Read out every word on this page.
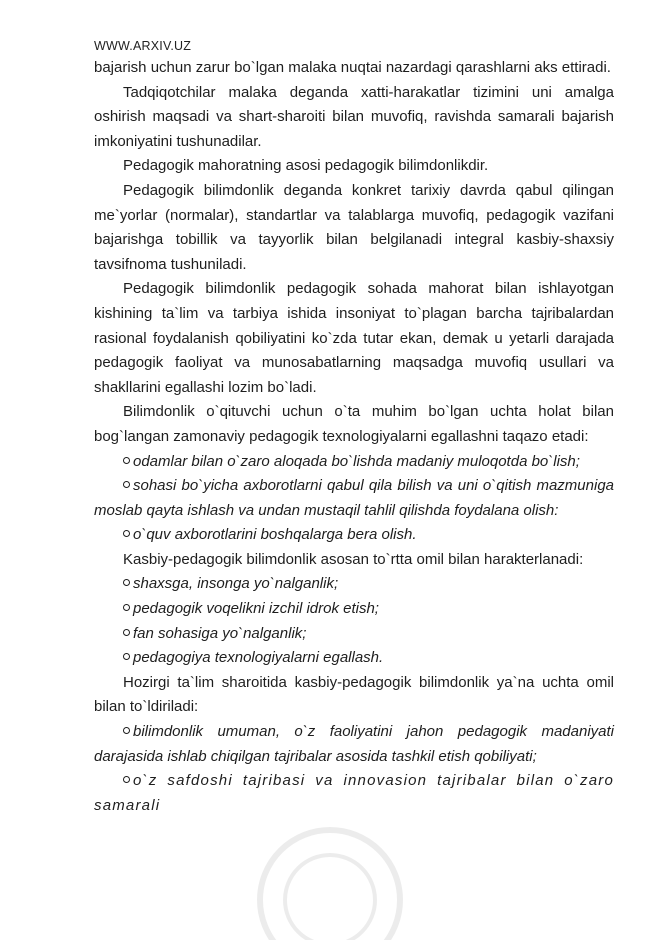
WWW.ARXIV.UZ

bajarish uchun zarur bo`lgan malaka nuqtai nazardagi qarashlarni aks ettiradi.

Tadqiqotchilar malaka deganda xatti-harakatlar tizimini uni amalga oshirish maqsadi va shart-sharoiti bilan muvofiq, ravishda samarali bajarish imkoniyatini tushunadilar.

Pedagogik mahoratning asosi pedagogik bilimdonlikdir.

Pedagogik bilimdonlik deganda konkret tarixiy davrda qabul qilingan me`yorlar (normalar), standartlar va talablarga muvofiq, pedagogik vazifani bajarishga tobillik va tayyorlik bilan belgilanadi integral kasbiy-shaxsiy tavsifnoma tushuniladi.

Pedagogik bilimdonlik pedagogik sohada mahorat bilan ishlayotgan kishining ta`lim va tarbiya ishida insoniyat to`plagan barcha tajribalardan rasional foydalanish qobiliyatini ko`zda tutar ekan, demak u yetarli darajada pedagogik faoliyat va munosabatlarning maqsadga muvofiq usullari va shakllarini egallashi lozim bo`ladi.

Bilimdonlik o`qituvchi uchun o`ta muhim bo`lgan uchta holat bilan bog`langan zamonaviy pedagogik texnologiyalarni egallashni taqazo etadi:

odamlar bilan o`zaro aloqada bo`lishda madaniy muloqotda bo`lish;

sohasi bo`yicha axborotlarni qabul qila bilish va uni o`qitish mazmuniga moslab qayta ishlash va undan mustaqil tahlil qilishda foydalana olish:

o`quv axborotlarini boshqalarga bera olish.

Kasbiy-pedagogik bilimdonlik asosan to`rtta omil bilan harakterlanadi:

shaxsga, insonga yo`nalganlik;

pedagogik voqelikni izchil idrok etish;

fan sohasiga yo`nalganlik;

pedagogiya texnologiyalarni egallash.

Hozirgi ta`lim sharoitida kasbiy-pedagogik bilimdonlik ya`na uchta omil bilan to`ldiriladi:

bilimdonlik umuman, o`z faoliyatini jahon pedagogik madaniyati darajasida ishlab chiqilgan tajribalar asosida tashkil etish qobiliyati;

o`z safdoshi tajribasi va innovasion tajribalar bilan o`zaro samarali
